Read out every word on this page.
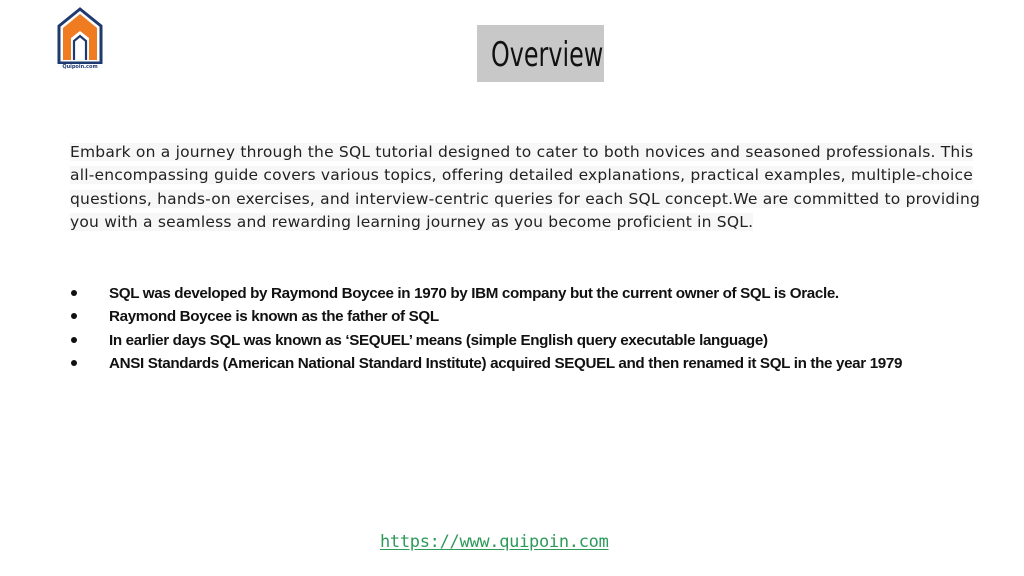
Quipoin.com	Overview
Embark on a journey through the SQL tutorial designed to cater to both novices and seasoned professionals. This all-encompassing guide covers various topics, offering detailed explanations, practical examples, multiple-choice questions, hands-on exercises, and interview-centric queries for each SQL concept.We are committed to providing you with a seamless and rewarding learning journey as you become proficient in SQL.
SQL was developed by Raymond Boycee in 1970 by IBM company but the current owner of SQL is Oracle.
Raymond Boycee is known as the father of SQL
In earlier days SQL was known as ‘SEQUEL’ means (simple English query executable language)
ANSI Standards (American National Standard Institute) acquired SEQUEL and then renamed it SQL in the year 1979
https://www.quipoin.com
